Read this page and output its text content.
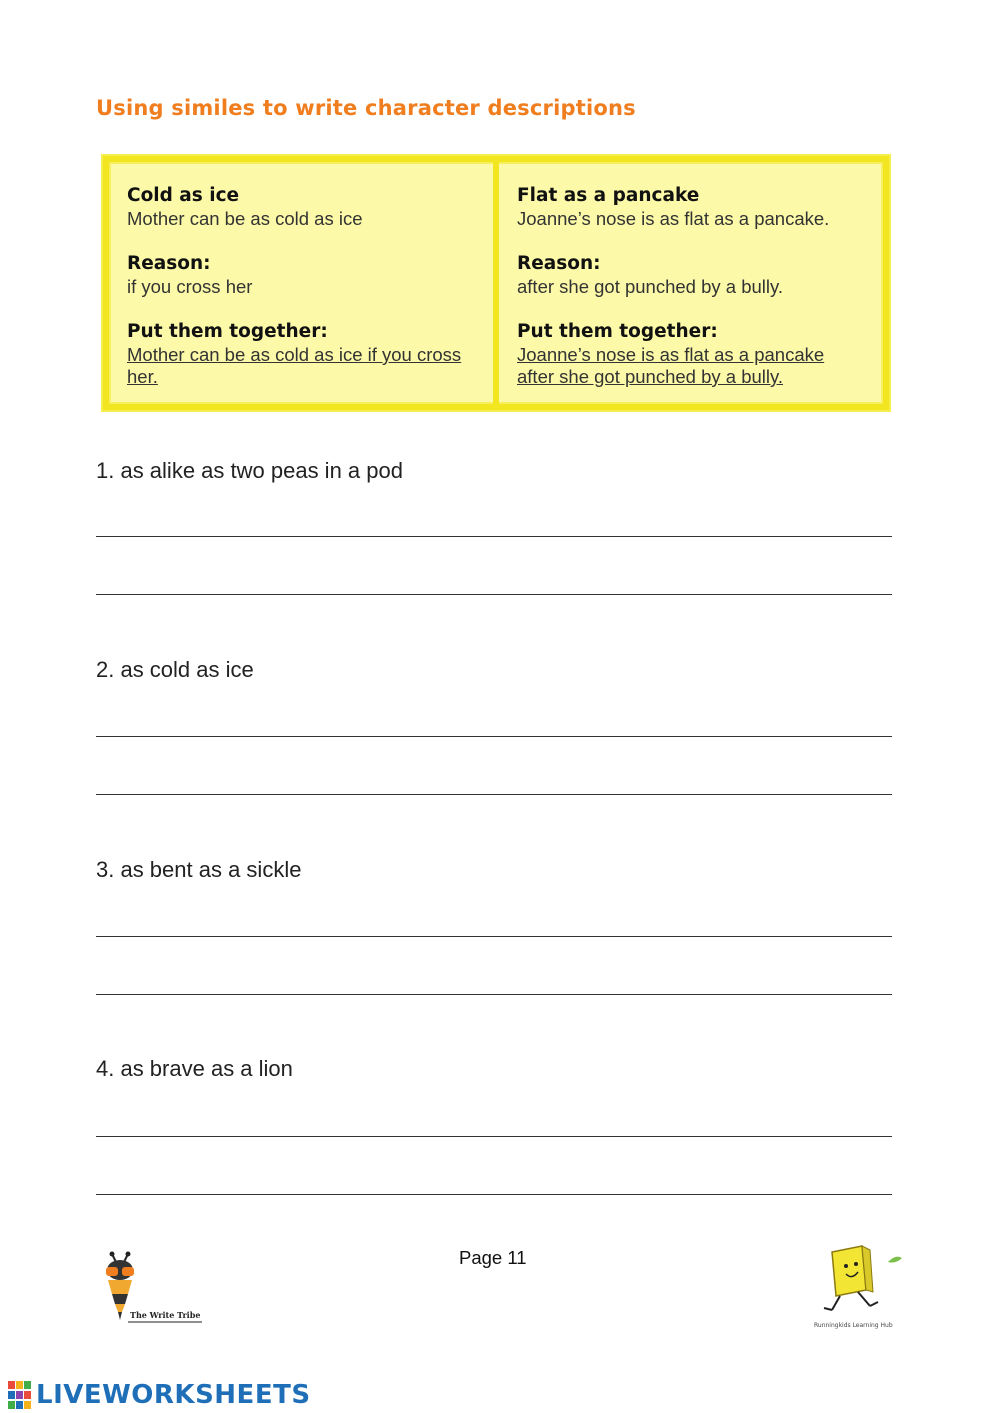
Using similes to write character descriptions

Cold as ice

Mother can be as cold as ice

Reason:

if you cross her

Put them together:

Mother can be as cold as ice if you cross her.

Flat as a pancake

Joanne’s nose is as flat as a pancake.

Reason:

after she got punched by a bully.

Put them together:

Joanne’s nose is as flat as a pancake after she got punched by a bully.

1. as alike as two peas in a pod
2. as cold as ice
3. as bent as a sickle
4. as brave as a lion
Page 11
The Write Tribe
Runningkids Learning Hub
LIVEWORKSHEETS
